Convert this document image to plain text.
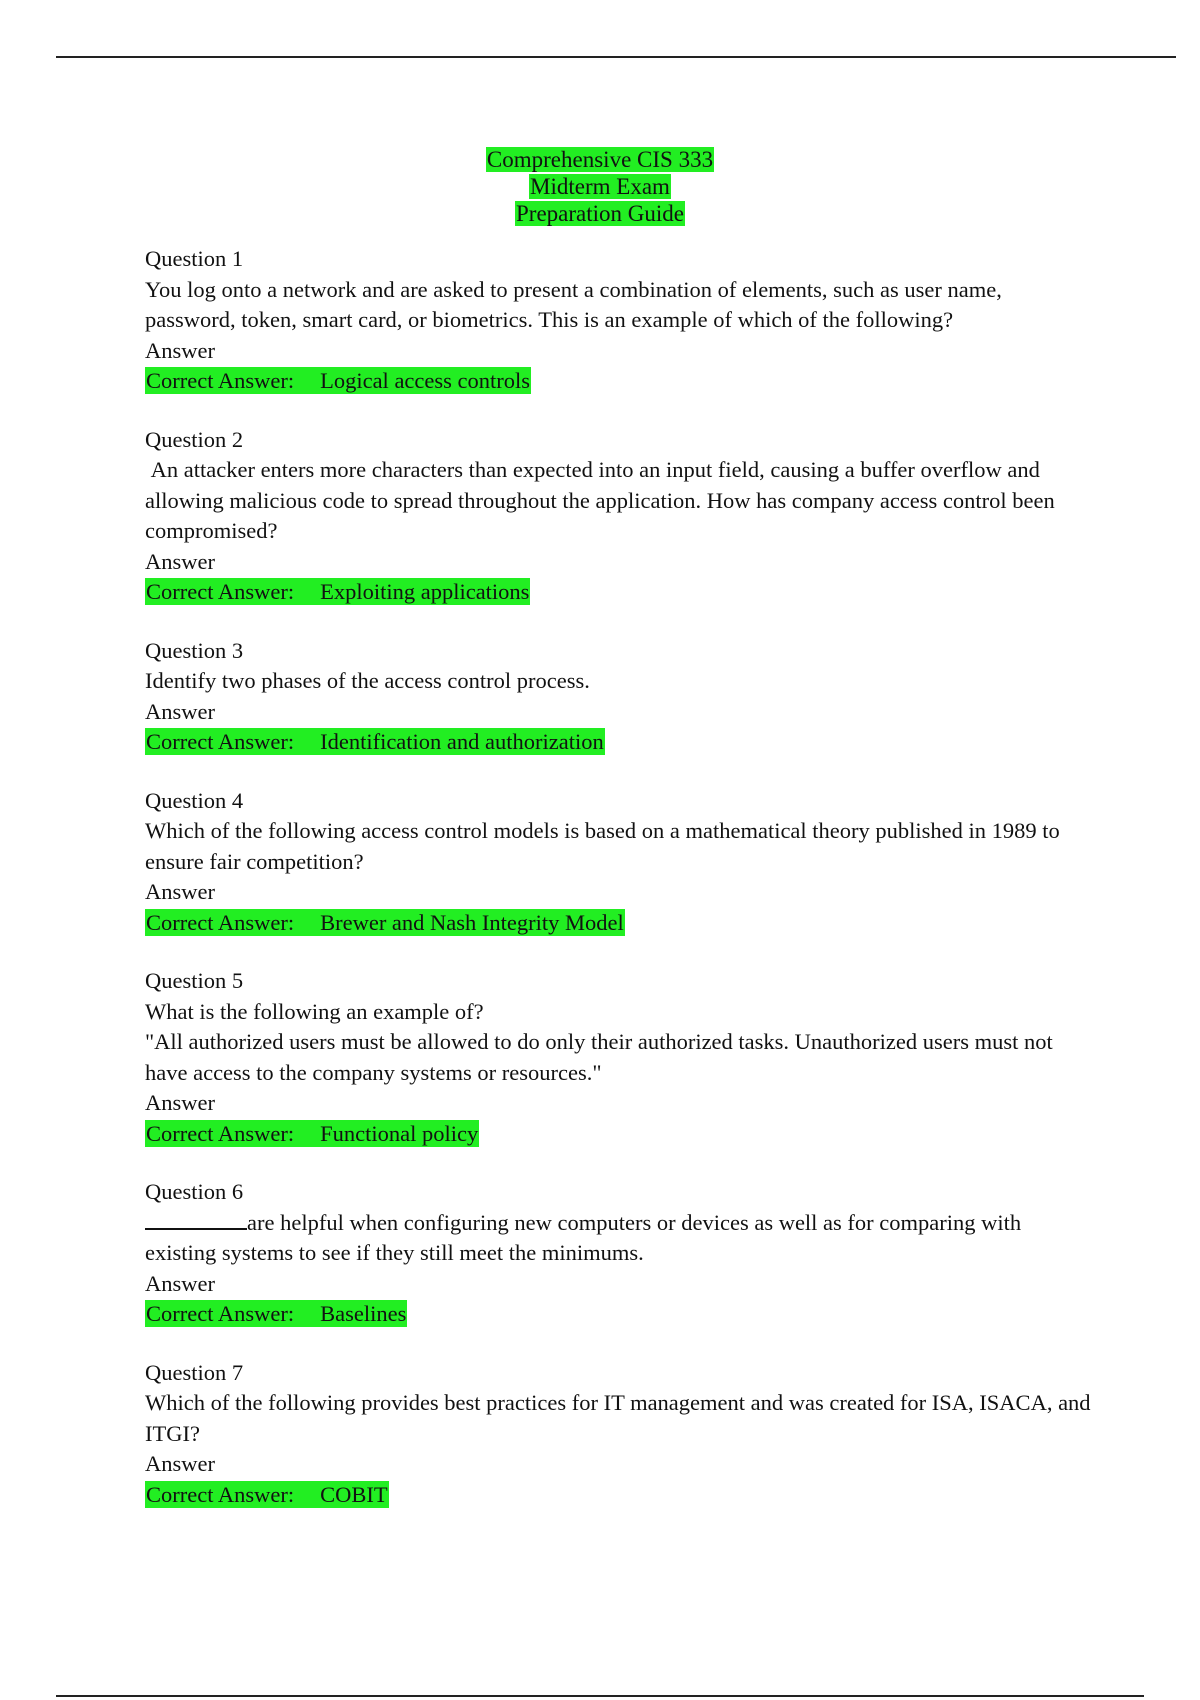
Comprehensive CIS 333
Midterm Exam
Preparation Guide
Question 1
You log onto a network and are asked to present a combination of elements, such as user name, password, token, smart card, or biometrics. This is an example of which of the following?
Answer
Correct Answer: Logical access controls
Question 2
An attacker enters more characters than expected into an input field, causing a buffer overflow and allowing malicious code to spread throughout the application. How has company access control been compromised?
Answer
Correct Answer: Exploiting applications
Question 3
Identify two phases of the access control process.
Answer
Correct Answer: Identification and authorization
Question 4
Which of the following access control models is based on a mathematical theory published in 1989 to ensure fair competition?
Answer
Correct Answer: Brewer and Nash Integrity Model
Question 5
What is the following an example of?
"All authorized users must be allowed to do only their authorized tasks. Unauthorized users must not have access to the company systems or resources."
Answer
Correct Answer: Functional policy
Question 6
are helpful when configuring new computers or devices as well as for comparing with existing systems to see if they still meet the minimums.
Answer
Correct Answer: Baselines
Question 7
Which of the following provides best practices for IT management and was created for ISA, ISACA, and ITGI?
Answer
Correct Answer: COBIT
